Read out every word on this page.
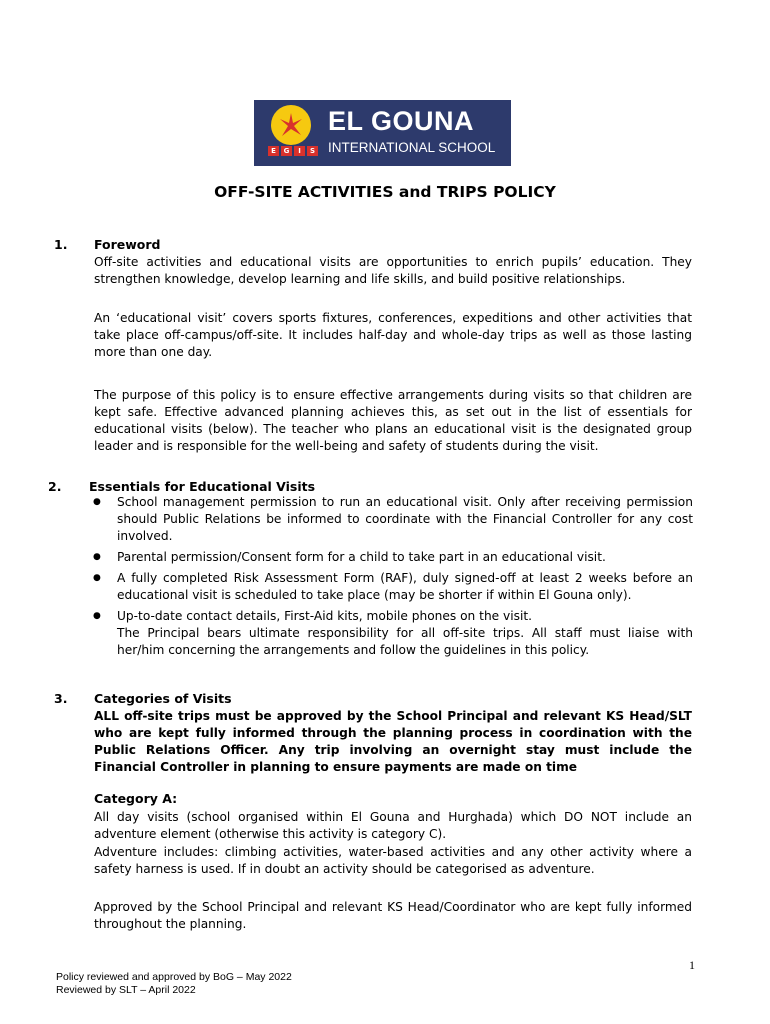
E	G	I	S
EL GOUNA
INTERNATIONAL SCHOOL
OFF-SITE ACTIVITIES and TRIPS POLICY
1. Foreword

Off-site activities and educational visits are opportunities to enrich pupils’ education. They strengthen knowledge, develop learning and life skills, and build positive relationships.

An ‘educational visit’ covers sports fixtures, conferences, expeditions and other activities that take place off-campus/off-site. It includes half-day and whole-day trips as well as those lasting more than one day.

The purpose of this policy is to ensure effective arrangements during visits so that children are kept safe. Effective advanced planning achieves this, as set out in the list of essentials for educational visits (below). The teacher who plans an educational visit is the designated group leader and is responsible for the well-being and safety of students during the visit.

2. Essentials for Educational Visits
● School management permission to run an educational visit. Only after receiving permission should Public Relations be informed to coordinate with the Financial Controller for any cost involved.
● Parental permission/Consent form for a child to take part in an educational visit.
● A fully completed Risk Assessment Form (RAF), duly signed-off at least 2 weeks before an educational visit is scheduled to take place (may be shorter if within El Gouna only).
● Up-to-date contact details, First-Aid kits, mobile phones on the visit.

The Principal bears ultimate responsibility for all off-site trips. All staff must liaise with her/him concerning the arrangements and follow the guidelines in this policy.

3. Categories of Visits

ALL off-site trips must be approved by the School Principal and relevant KS Head/SLT who are kept fully informed through the planning process in coordination with the Public Relations Officer. Any trip involving an overnight stay must include the Financial Controller in planning to ensure payments are made on time

Category A:

All day visits (school organised within El Gouna and Hurghada) which DO NOT include an adventure element (otherwise this activity is category C).

Adventure includes: climbing activities, water-based activities and any other activity where a safety harness is used. If in doubt an activity should be categorised as adventure.

Approved by the School Principal and relevant KS Head/Coordinator who are kept fully informed throughout the planning.

1
Policy reviewed and approved by BoG – May 2022
Reviewed by SLT – April 2022
